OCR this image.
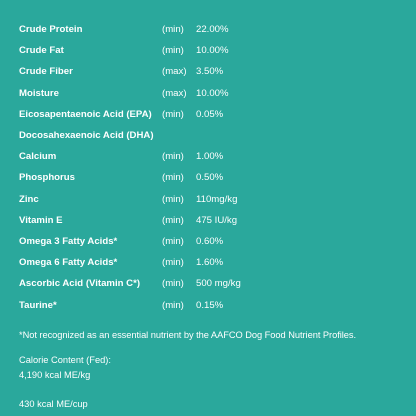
Crude Protein	(min)	22.00%
Crude Fat	(min)	10.00%
Crude Fiber	(max) 3.50%
Moisture	(max) 10.00%
Eicosapentaenoic Acid (EPA)	(min)	0.05%
Docosahexaenoic Acid (DHA)
Calcium	(min)	1.00%
Phosphorus	(min)	0.50%
Zinc	(min)	110mg/kg
Vitamin E	(min)	475 IU/kg
Omega 3 Fatty Acids*	(min)	0.60%
Omega 6 Fatty Acids*	(min)	1.60%
Ascorbic Acid (Vitamin C*)	(min)	500 mg/kg
Taurine*	(min)	0.15%
*Not recognized as an essential nutrient by the AAFCO Dog Food Nutrient Profiles.
Calorie Content (Fed):
4,190 kcal ME/kg
430 kcal ME/cup
